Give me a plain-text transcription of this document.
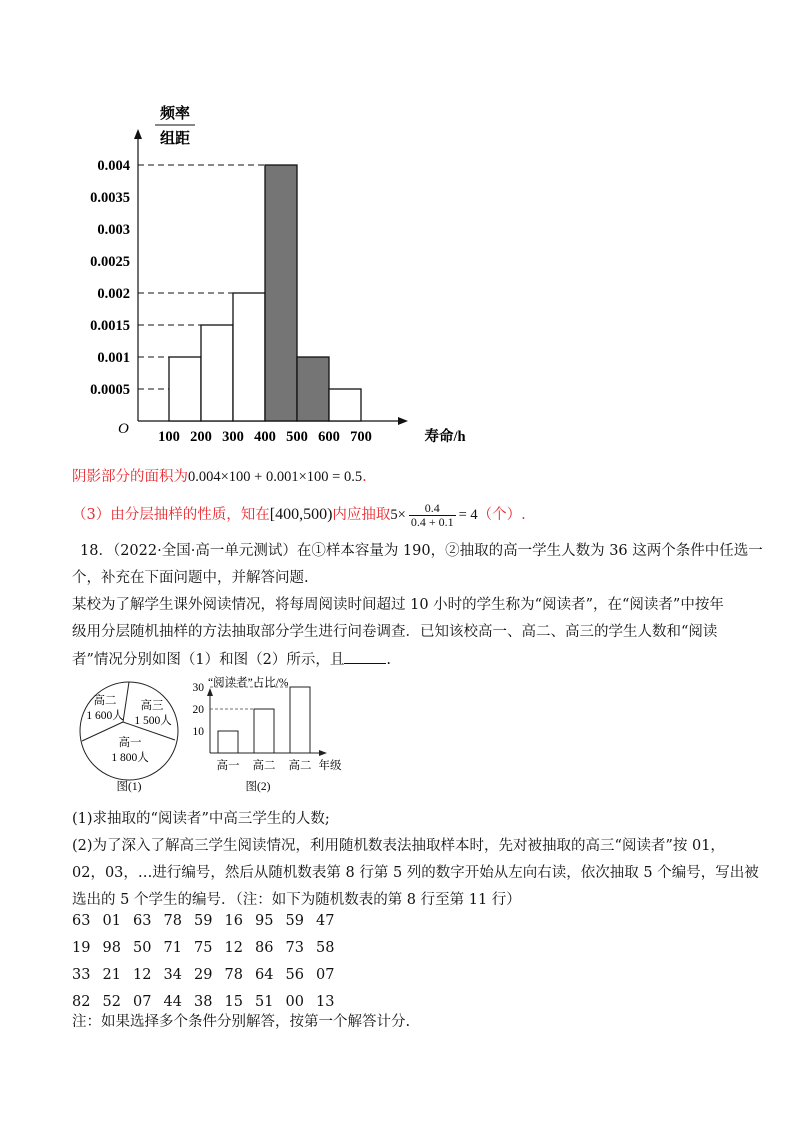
频率
组距
O
0.0005
0.001
0.0015
0.002
0.0025
0.003
0.0035
0.004
100 200 300 400 500 600 700	寿命/h
阴影部分的面积为0.004×100 + 0.001×100 = 0.5.
（3）由分层抽样的性质，知在[400,500)内应抽取$5\times \frac{0.4}{0.4 + 0.1} = 4$（个）.
18．（2022·全国·高一单元测试）在①样本容量为 190，②抽取的高一学生人数为 36 这两个条件中任选一
个，补充在下面问题中，并解答问题.
某校为了解学生课外阅读情况，将每周阅读时间超过 10 小时的学生称为“阅读者”，在“阅读者”中按年
级用分层随机抽样的方法抽取部分学生进行问卷调查．已知该校高一、高二、高三的学生人数和“阅读
者”情况分别如图（1）和图（2）所示，且	.
高二
1 600人
高三
1 500人
高一
1 800人
图(1)
“阅读者”占比/%
10
20
30
高一 高二 高二 年级
图(2)
(1)求抽取的“阅读者”中高三学生的人数;
(2)为了深入了解高三学生阅读情况，利用随机数表法抽取样本时，先对被抽取的高三“阅读者”按 01，
02，03，…进行编号，然后从随机数表第 8 行第 5 列的数字开始从左向右读，依次抽取 5 个编号，写出被
选出的 5 个学生的编号．（注：如下为随机数表的第 8 行至第 11 行）
63 01 63 78 59 16 95 59 47
19 98 50 71 75 12 86 73 58
33 21 12 34 29 78 64 56 07
82 52 07 44 38 15 51 00 13
注：如果选择多个条件分别解答，按第一个解答计分.
